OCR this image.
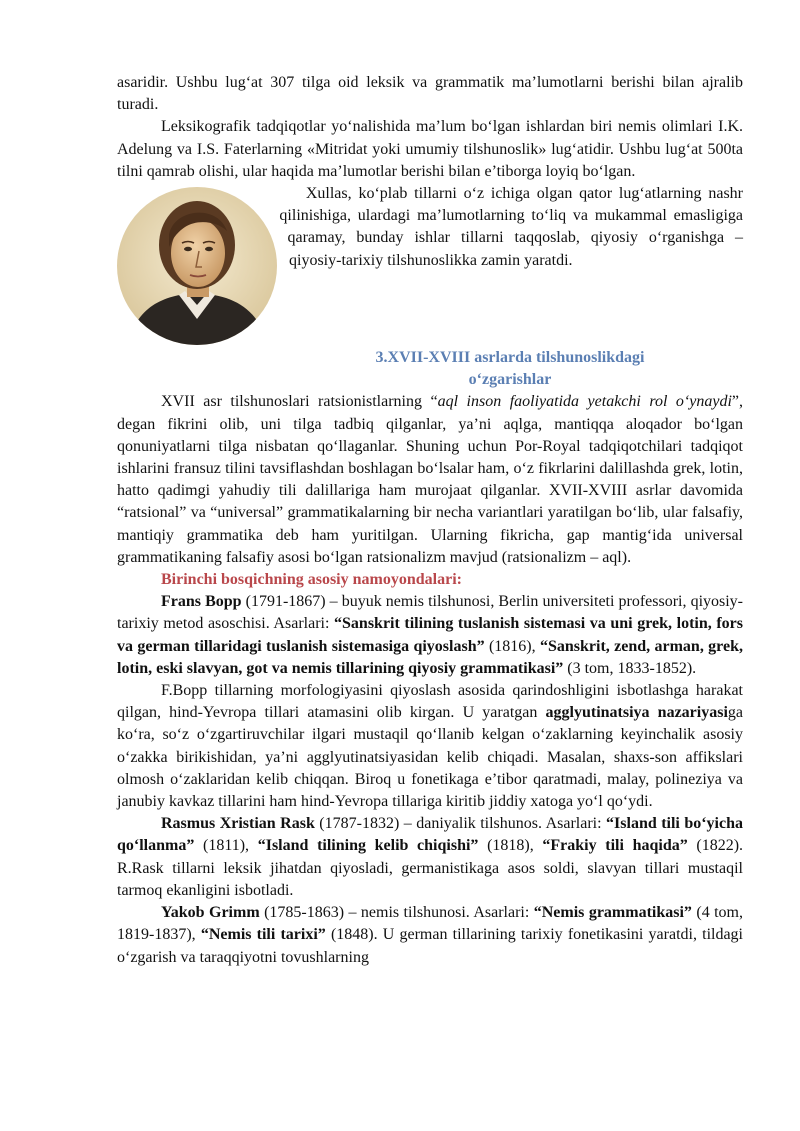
asaridir. Ushbu lug‘at 307 tilga oid leksik va grammatik ma’lumotlarni berishi bilan ajralib turadi.

Leksikografik tadqiqotlar yo‘nalishida ma’lum bo‘lgan ishlardan biri nemis olimlari I.K. Adelung va I.S. Faterlarning «Mitridat yoki umumiy tilshunoslik» lug‘atidir. Ushbu lug‘at 500ta tilni qamrab olishi, ular haqida ma’lumotlar berishi bilan e’tiborga loyiq bo‘lgan.

Xullas, ko‘plab tillarni o‘z ichiga olgan qator lug‘atlarning nashr qilinishiga, ulardagi ma’lumotlarning to‘liq va mukammal emasligiga qaramay, bunday ishlar tillarni taqqoslab, qiyosiy o‘rganishga – qiyosiy-tarixiy tilshunoslikka zamin yaratdi.

3.XVII-XVIII asrlarda tilshunoslikdagi
o‘zgarishlar

XVII asr tilshunoslari ratsionistlarning “aql inson faoliyatida yetakchi rol o‘ynaydi”, degan fikrini olib, uni tilga tadbiq qilganlar, ya’ni aqlga, mantiqqa aloqador bo‘lgan qonuniyatlarni tilga nisbatan qo‘llaganlar. Shuning uchun Por-Royal tadqiqotchilari tadqiqot ishlarini fransuz tilini tavsiflashdan boshlagan bo‘lsalar ham, o‘z fikrlarini dalillashda grek, lotin, hatto qadimgi yahudiy tili dalillariga ham murojaat qilganlar. XVII-XVIII asrlar davomida “ratsional” va “universal” grammatikalarning bir necha variantlari yaratilgan bo‘lib, ular falsafiy, mantiqiy grammatika deb ham yuritilgan. Ularning fikricha, gap mantig‘ida universal grammatikaning falsafiy asosi bo‘lgan ratsionalizm mavjud (ratsionalizm – aql).

Birinchi bosqichning asosiy namoyondalari:

Frans Bopp (1791-1867) – buyuk nemis tilshunosi, Berlin universiteti professori, qiyosiy-tarixiy metod asoschisi. Asarlari: “Sanskrit tilining tuslanish sistemasi va uni grek, lotin, fors va german tillaridagi tuslanish sistemasiga qiyoslash” (1816), “Sanskrit, zend, arman, grek, lotin, eski slavyan, got va nemis tillarining qiyosiy grammatikasi” (3 tom, 1833-1852).

F.Bopp tillarning morfologiyasini qiyoslash asosida qarindoshligini isbotlashga harakat qilgan, hind-Yevropa tillari atamasini olib kirgan. U yaratgan agglyutinatsiya nazariyasiga ko‘ra, so‘z o‘zgartiruvchilar ilgari mustaqil qo‘llanib kelgan o‘zaklarning keyinchalik asosiy o‘zakka birikishidan, ya’ni agglyutinatsiyasidan kelib chiqadi. Masalan, shaxs-son affikslari olmosh o‘zaklaridan kelib chiqqan. Biroq u fonetikaga e’tibor qaratmadi, malay, polineziya va janubiy kavkaz tillarini ham hind-Yevropa tillariga kiritib jiddiy xatoga yo‘l qo‘ydi.

Rasmus Xristian Rask (1787-1832) – daniyalik tilshunos. Asarlari: “Island tili bo‘yicha qo‘llanma” (1811), “Island tilining kelib chiqishi” (1818), “Frakiy tili haqida” (1822). R.Rask tillarni leksik jihatdan qiyosladi, germanistikaga asos soldi, slavyan tillari mustaqil tarmoq ekanligini isbotladi.

Yakob Grimm (1785-1863) – nemis tilshunosi. Asarlari: “Nemis grammatikasi” (4 tom, 1819-1837), “Nemis tili tarixi” (1848). U german tillarining tarixiy fonetikasini yaratdi, tildagi o‘zgarish va taraqqiyotni tovushlarning
